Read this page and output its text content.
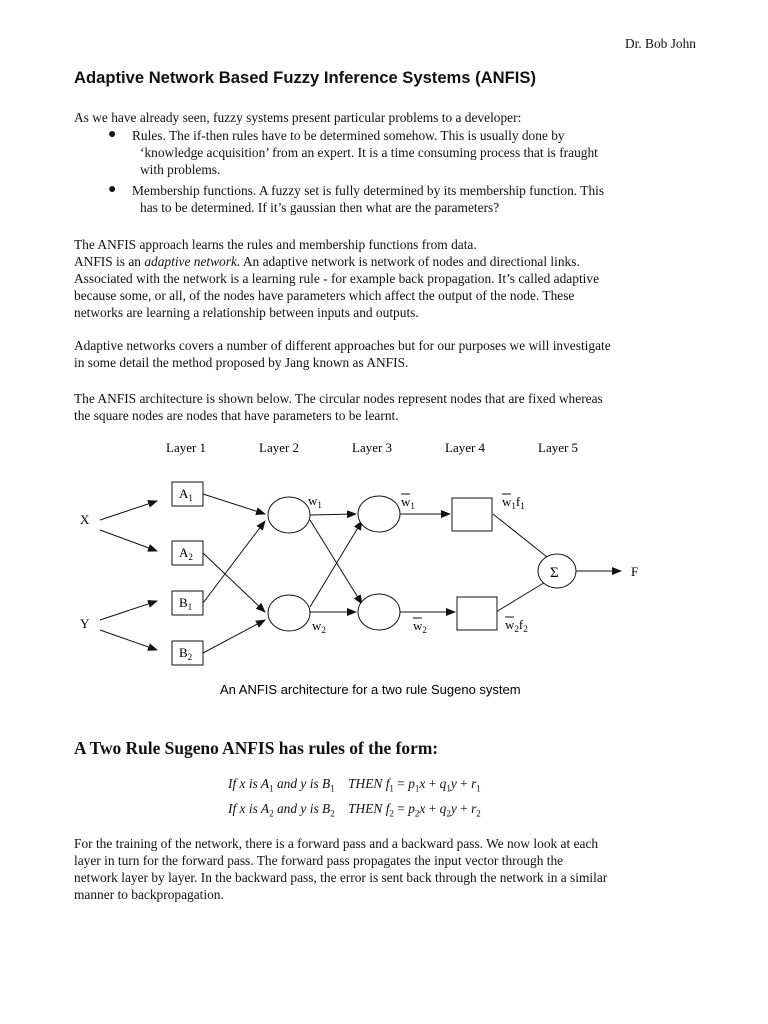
Dr. Bob John
Adaptive Network Based Fuzzy Inference Systems (ANFIS)

As we have already seen, fuzzy systems present particular problems to a developer:

● Rules. The if-then rules have to be determined somehow. This is usually done by
‘knowledge acquisition’ from an expert. It is a time consuming process that is fraught
with problems.
● Membership functions. A fuzzy set is fully determined by its membership function. This
has to be determined. If it’s gaussian then what are the parameters?
The ANFIS approach learns the rules and membership functions from data.
ANFIS is an adaptive network. An adaptive network is network of nodes and directional links.
Associated with the network is a learning rule - for example back propagation. It’s called adaptive
because some, or all, of the nodes have parameters which affect the output of the node. These
networks are learning a relationship between inputs and outputs.
Adaptive networks covers a number of different approaches but for our purposes we will investigate
in some detail the method proposed by Jang known as ANFIS.
The ANFIS architecture is shown below. The circular nodes represent nodes that are fixed whereas
the square nodes are nodes that have parameters to be learnt.
Layer 1	Layer 2	Layer 3	Layer 4	Layer 5
X
Y
$A_1$
$A_2$
$B_1$
$B_2$
$w_1$
$w_2$
$w_1$
$w_2$
$w_1f_1$
$w_2f_2$
Σ	F
An ANFIS architecture for a two rule Sugeno system
A Two Rule Sugeno ANFIS has rules of the form:
If x is $A_1$ and y is $B_1$ THEN $f_1 = p_1x + q_1y + r_1$
If x is $A_2$ and y is $B_2$ THEN $f_2 = p_2x + q_2y + r_2$
For the training of the network, there is a forward pass and a backward pass. We now look at each
layer in turn for the forward pass. The forward pass propagates the input vector through the
network layer by layer. In the backward pass, the error is sent back through the network in a similar
manner to backpropagation.
